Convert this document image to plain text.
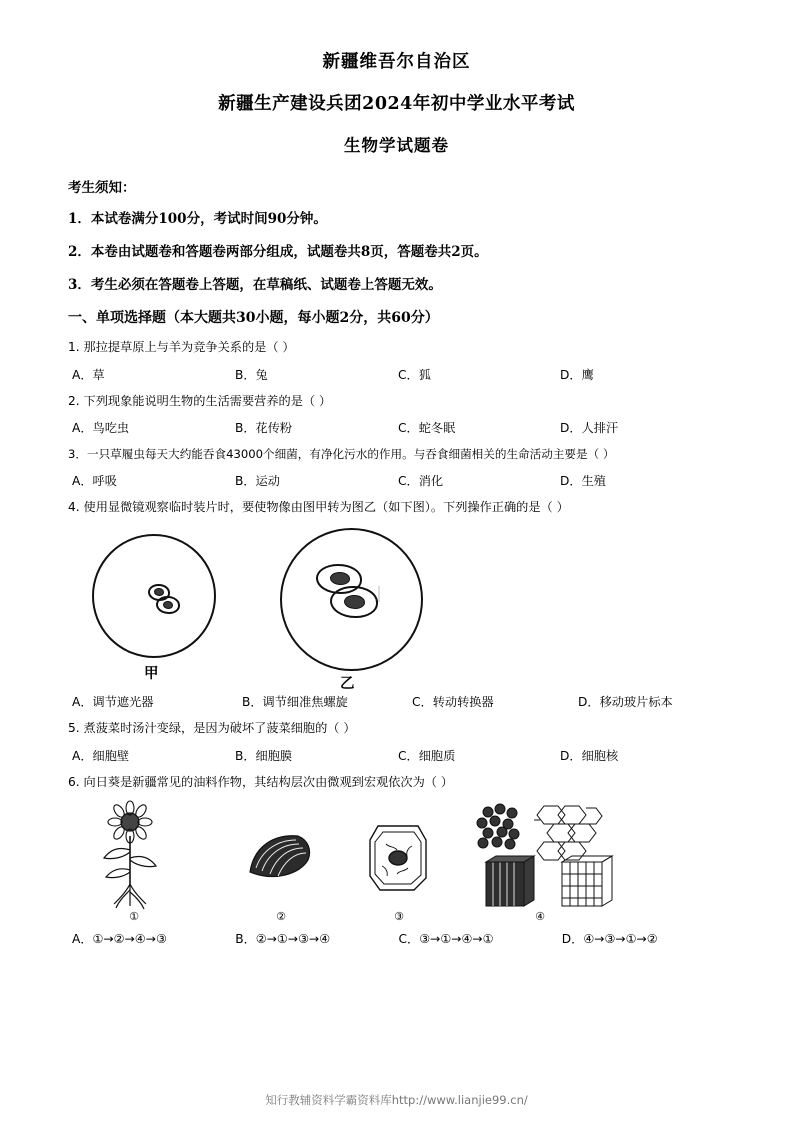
新疆维吾尔自治区
新疆生产建设兵团2024年初中学业水平考试
生物学试题卷
考生须知：
1．本试卷满分100分，考试时间90分钟。
2．本卷由试题卷和答题卷两部分组成，试题卷共8页，答题卷共2页。
3．考生必须在答题卷上答题，在草稿纸、试题卷上答题无效。
一、单项选择题（本大题共30小题，每小题2分，共60分）
1. 那拉提草原上与羊为竞争关系的是（ ）
A．草	B．兔	C．狐	D．鹰
2. 下列现象能说明生物的生活需要营养的是（ ）
A．鸟吃虫	B．花传粉	C．蛇冬眠	D．人排汗
3．一只草履虫每天大约能吞食43000个细菌，有净化污水的作用。与吞食细菌相关的生命活动主要是（ ）
A．呼吸	B．运动	C．消化	D．生殖
4. 使用显微镜观察临时装片时，要使物像由图甲转为图乙（如下图）。下列操作正确的是（ ）
甲
乙
A．调节遮光器	B．调节细准焦螺旋	C．转动转换器	D．移动玻片标本
5. 煮菠菜时汤汁变绿，是因为破坏了菠菜细胞的（ ）
A．细胞壁	B．细胞膜	C．细胞质	D．细胞核
6. 向日葵是新疆常见的油料作物，其结构层次由微观到宏观依次为（ ）
①	②	③	④
A．①→②→④→③	B．②→①→③→④	C．③→①→④→①	D．④→③→①→②
知行教辅资料学霸资料库http://www.lianjie99.cn/
